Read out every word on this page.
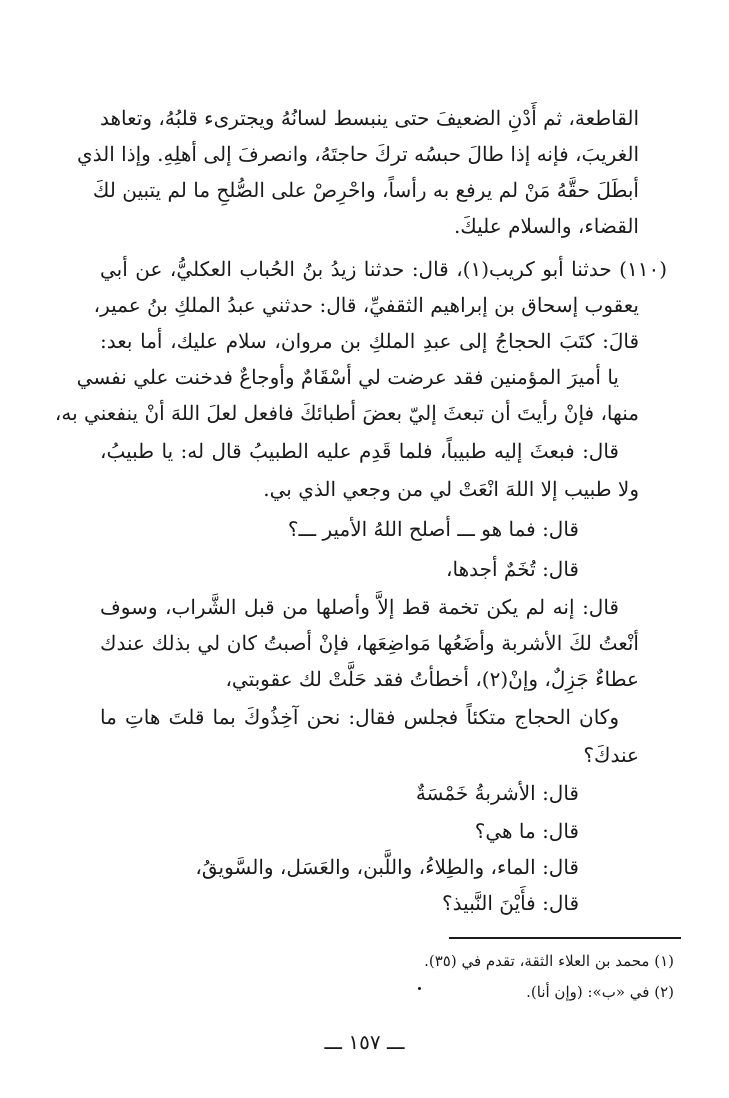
القاطعة، ثم أَدْنِ الضعيفَ حتى ينبسط لسانُهُ ويجترىء قلبُهُ، وتعاهد
الغريبَ، فإنه إذا طالَ حبسُه تركَ حاجتَهُ، وانصرفَ إلى أهلِهِ. وإذا الذي
أبطَلَ حقَّهُ مَنْ لم يرفع به رأساً، واحْرِصْ على الصُّلحِ ما لم يتبين لكَ
القضاء، والسلام عليكَ.
(١١٠) حدثنا أبو كريب(١)، قال: حدثنا زيدُ بنُ الحُباب العكليُّ، عن أبي
يعقوب إسحاق بن إبراهيم الثقفيِّ، قال: حدثني عبدُ الملكِ بنُ عمير،
قالَ: كتَبَ الحجاجُ إلى عبدِ الملكِ بن مروان، سلام عليك، أما بعد:
يا أميرَ المؤمنين فقد عرضت لي أسْقَامٌ وأوجاعٌ فدخنت علي نفسي
منها، فإنْ رأيتَ أن تبعثَ إليّ بعضَ أطبائكَ فافعل لعلَ اللهَ أنْ ينفعني به،
قال: فبعثَ إليه طبيباً، فلما قَدِم عليه الطبيبُ قال له: يا طبيبُ،
ولا طبيب إلا اللهَ انْعَتْ لي من وجعي الذي بي.
قال: فما هو ـــ أصلح اللهُ الأمير ـــ؟
قال: تُخَمٌ أجدها،
قال: إنه لم يكن تخمة قط إلاَّ وأصلها من قبل الشَّراب، وسوف
أنْعتُ لكَ الأشربة وأضَعُها مَواضِعَها، فإنْ أصبتُ كان لي بذلك عندك
عطاءٌ جَزِلٌ، وإنْ(٢)، أخطأتُ فقد حَلَّتْ لك عقوبتي،
وكان الحجاج متكئاً فجلس فقال: نحن آخِذُوكَ بما قلتَ هاتِ ما
عندكَ؟
قال: الأشربةُ خَمْسَةٌ
قال: ما هي؟
قال: الماء، والطِلاءُ، واللَّبن، والعَسَل، والسَّويقُ،
قال: فأَيْنَ النَّبيذ؟
(١) محمد بن العلاء الثقة، تقدم في (٣٥).
(٢) في «ب»: (وإن أنا).
ـــ ١٥٧ ـــ
